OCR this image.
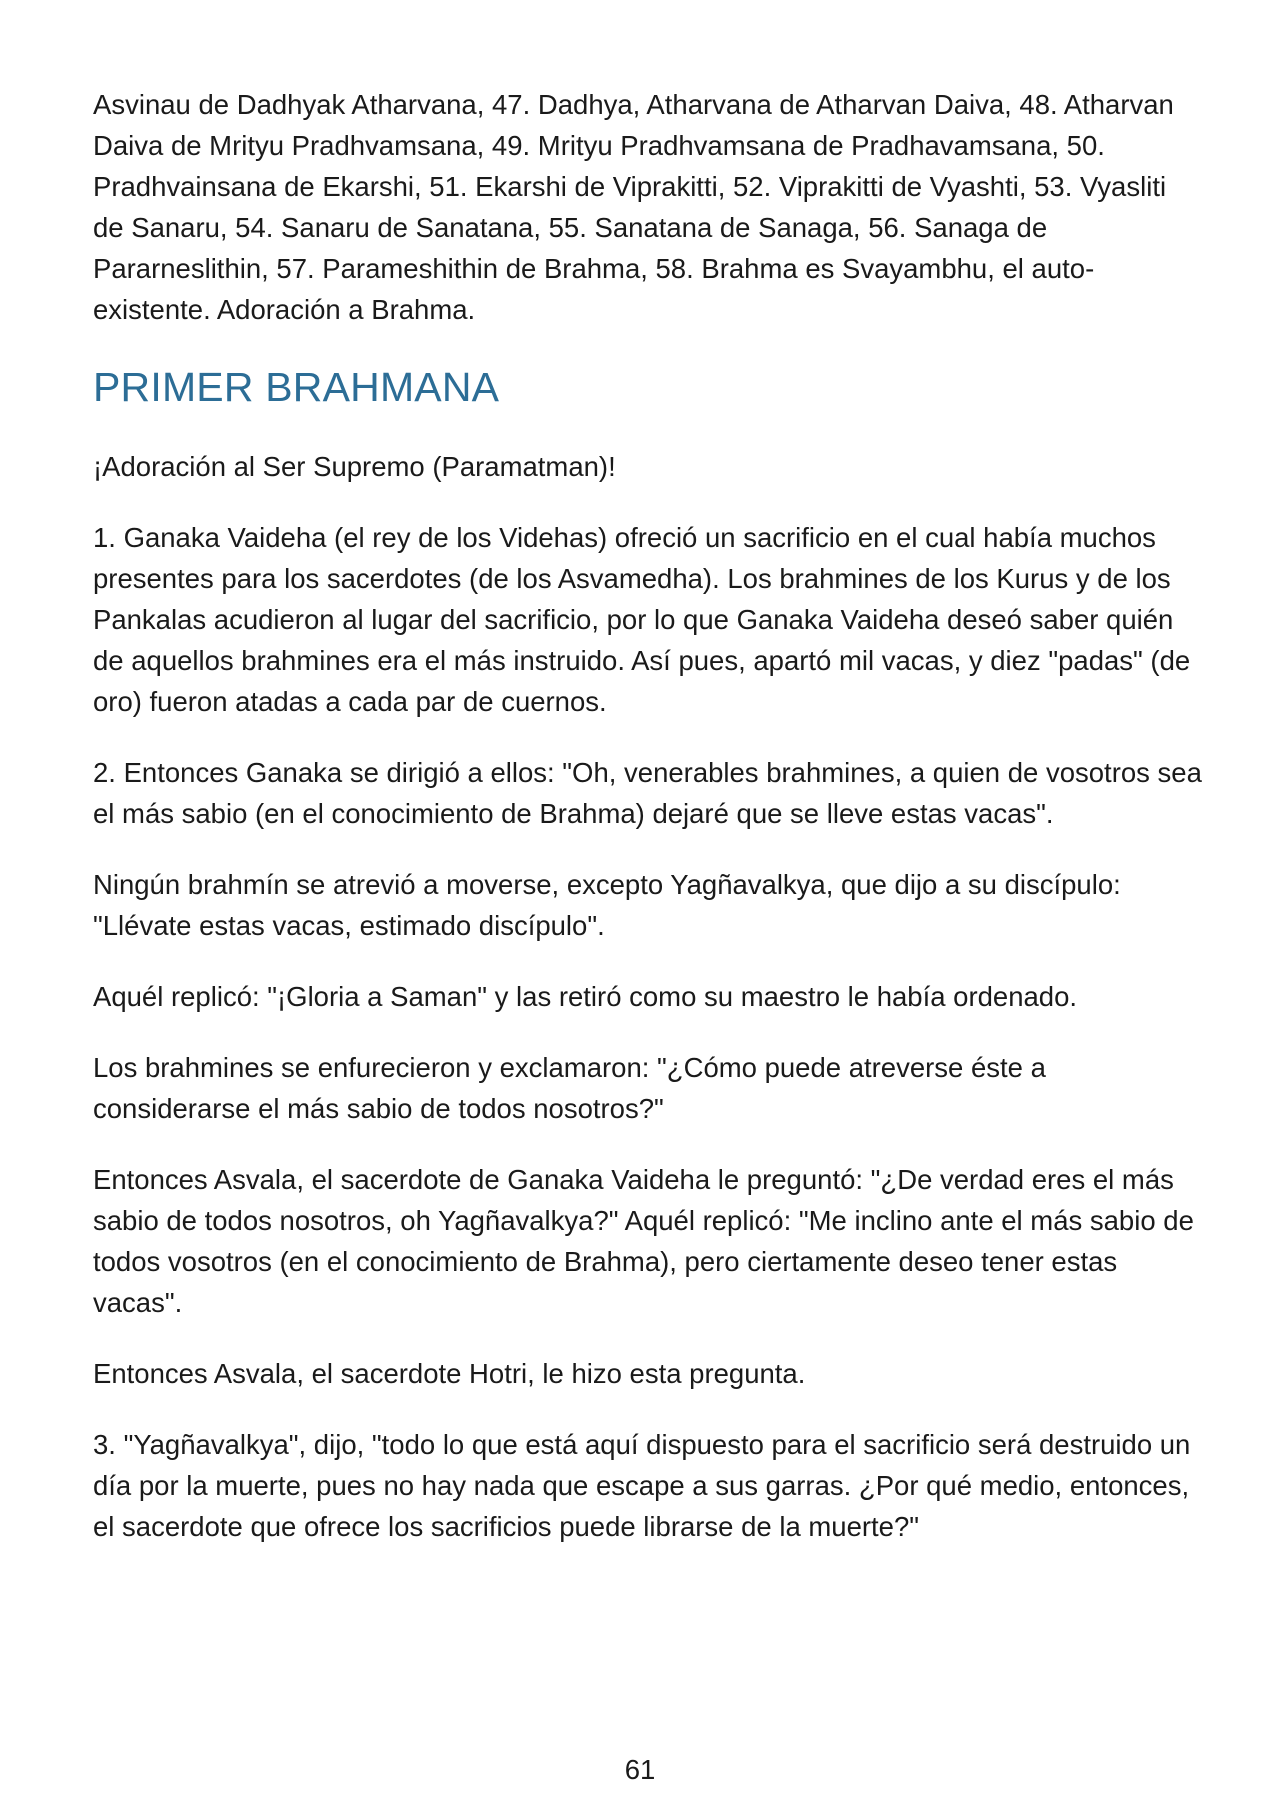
Asvinau de Dadhyak Atharvana, 47. Dadhya, Atharvana de Atharvan Daiva, 48. Atharvan Daiva de Mrityu Pradhvamsana, 49. Mrityu Pradhvamsana de Pradhavamsana, 50. Pradhvainsana de Ekarshi, 51. Ekarshi de Viprakitti, 52. Viprakitti de Vyashti, 53. Vyasliti de Sanaru, 54. Sanaru de Sanatana, 55. Sanatana de Sanaga, 56. Sanaga de Pararneslithin, 57. Parameshithin de Brahma, 58. Brahma es Svayambhu, el auto-existente. Adoración a Brahma.

PRIMER BRAHMANA

¡Adoración al Ser Supremo (Paramatman)!

1. Ganaka Vaideha (el rey de los Videhas) ofreció un sacrificio en el cual había muchos presentes para los sacerdotes (de los Asvamedha). Los brahmines de los Kurus y de los Pankalas acudieron al lugar del sacrificio, por lo que Ganaka Vaideha deseó saber quién de aquellos brahmines era el más instruido. Así pues, apartó mil vacas, y diez "padas" (de oro) fueron atadas a cada par de cuernos.

2. Entonces Ganaka se dirigió a ellos: "Oh, venerables brahmines, a quien de vosotros sea el más sabio (en el conocimiento de Brahma) dejaré que se lleve estas vacas".

Ningún brahmín se atrevió a moverse, excepto Yagñavalkya, que dijo a su discípulo: "Llévate estas vacas, estimado discípulo".

Aquél replicó: "¡Gloria a Saman" y las retiró como su maestro le había ordenado.

Los brahmines se enfurecieron y exclamaron: "¿Cómo puede atreverse éste a considerarse el más sabio de todos nosotros?"

Entonces Asvala, el sacerdote de Ganaka Vaideha le preguntó: "¿De verdad eres el más sabio de todos nosotros, oh Yagñavalkya?" Aquél replicó: "Me inclino ante el más sabio de todos vosotros (en el conocimiento de Brahma), pero ciertamente deseo tener estas vacas".

Entonces Asvala, el sacerdote Hotri, le hizo esta pregunta.

3. "Yagñavalkya", dijo, "todo lo que está aquí dispuesto para el sacrificio será destruido un día por la muerte, pues no hay nada que escape a sus garras. ¿Por qué medio, entonces, el sacerdote que ofrece los sacrificios puede librarse de la muerte?"

61
